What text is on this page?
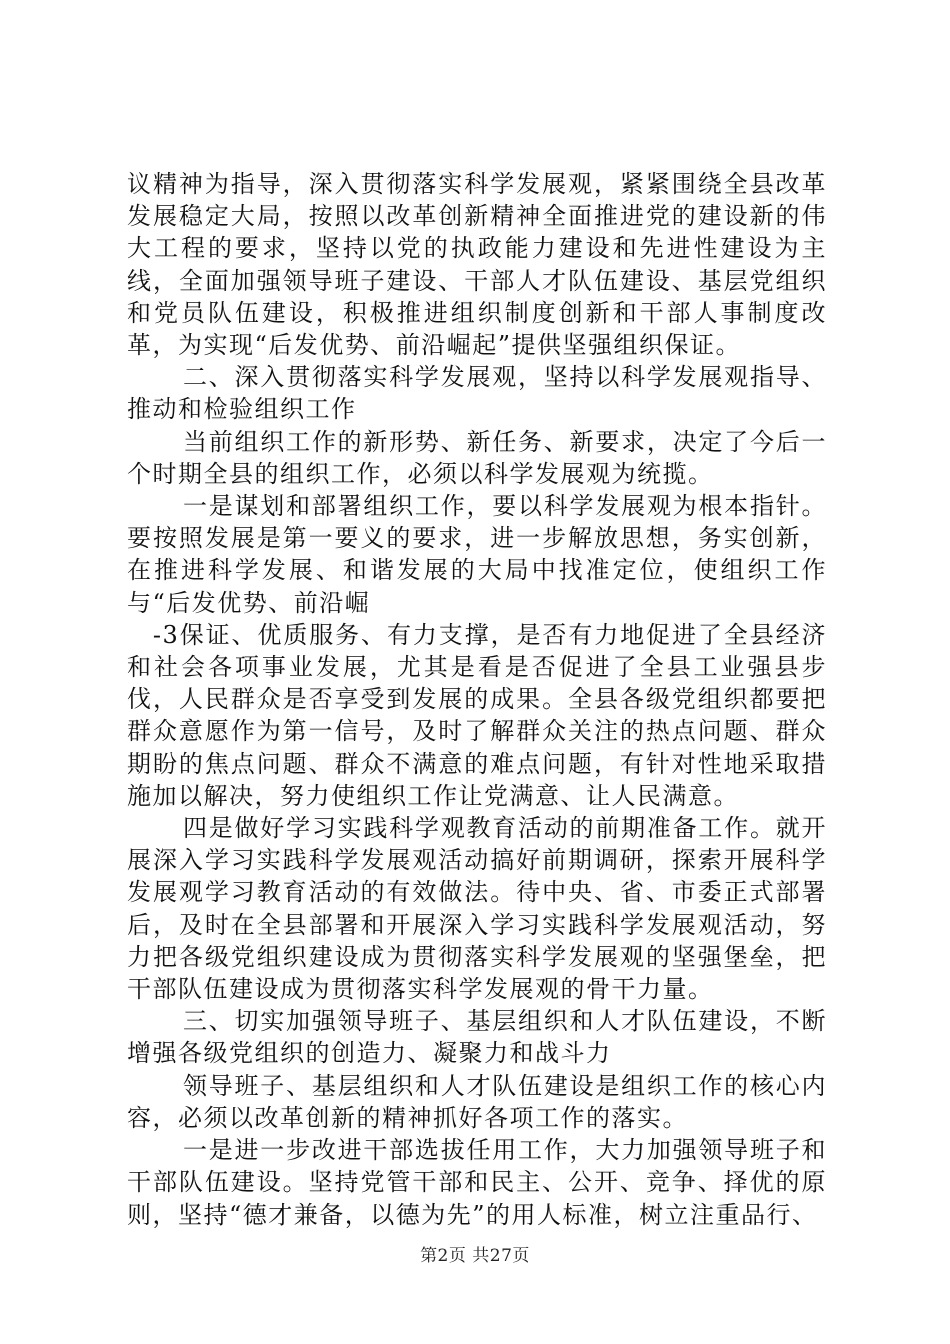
议精神为指导，深入贯彻落实科学发展观，紧紧围绕全县改革发展稳定大局，按照以改革创新精神全面推进党的建设新的伟大工程的要求，坚持以党的执政能力建设和先进性建设为主线，全面加强领导班子建设、干部人才队伍建设、基层党组织和党员队伍建设，积极推进组织制度创新和干部人事制度改革，为实现“后发优势、前沿崛起”提供坚强组织保证。

二、深入贯彻落实科学发展观，坚持以科学发展观指导、推动和检验组织工作

当前组织工作的新形势、新任务、新要求，决定了今后一个时期全县的组织工作，必须以科学发展观为统揽。

一是谋划和部署组织工作，要以科学发展观为根本指针。要按照发展是第一要义的要求，进一步解放思想，务实创新，在推进科学发展、和谐发展的大局中找准定位，使组织工作与“后发优势、前沿崛

　-3保证、优质服务、有力支撑，是否有力地促进了全县经济和社会各项事业发展，尤其是看是否促进了全县工业强县步伐，人民群众是否享受到发展的成果。全县各级党组织都要把群众意愿作为第一信号，及时了解群众关注的热点问题、群众期盼的焦点问题、群众不满意的难点问题，有针对性地采取措施加以解决，努力使组织工作让党满意、让人民满意。

四是做好学习实践科学观教育活动的前期准备工作。就开展深入学习实践科学发展观活动搞好前期调研，探索开展科学发展观学习教育活动的有效做法。待中央、省、市委正式部署后，及时在全县部署和开展深入学习实践科学发展观活动，努力把各级党组织建设成为贯彻落实科学发展观的坚强堡垒，把干部队伍建设成为贯彻落实科学发展观的骨干力量。

三、切实加强领导班子、基层组织和人才队伍建设，不断增强各级党组织的创造力、凝聚力和战斗力

领导班子、基层组织和人才队伍建设是组织工作的核心内容，必须以改革创新的精神抓好各项工作的落实。

一是进一步改进干部选拔任用工作，大力加强领导班子和干部队伍建设。坚持党管干部和民主、公开、竞争、择优的原则，坚持“德才兼备，以德为先”的用人标准，树立注重品行、

第2页 共27页
